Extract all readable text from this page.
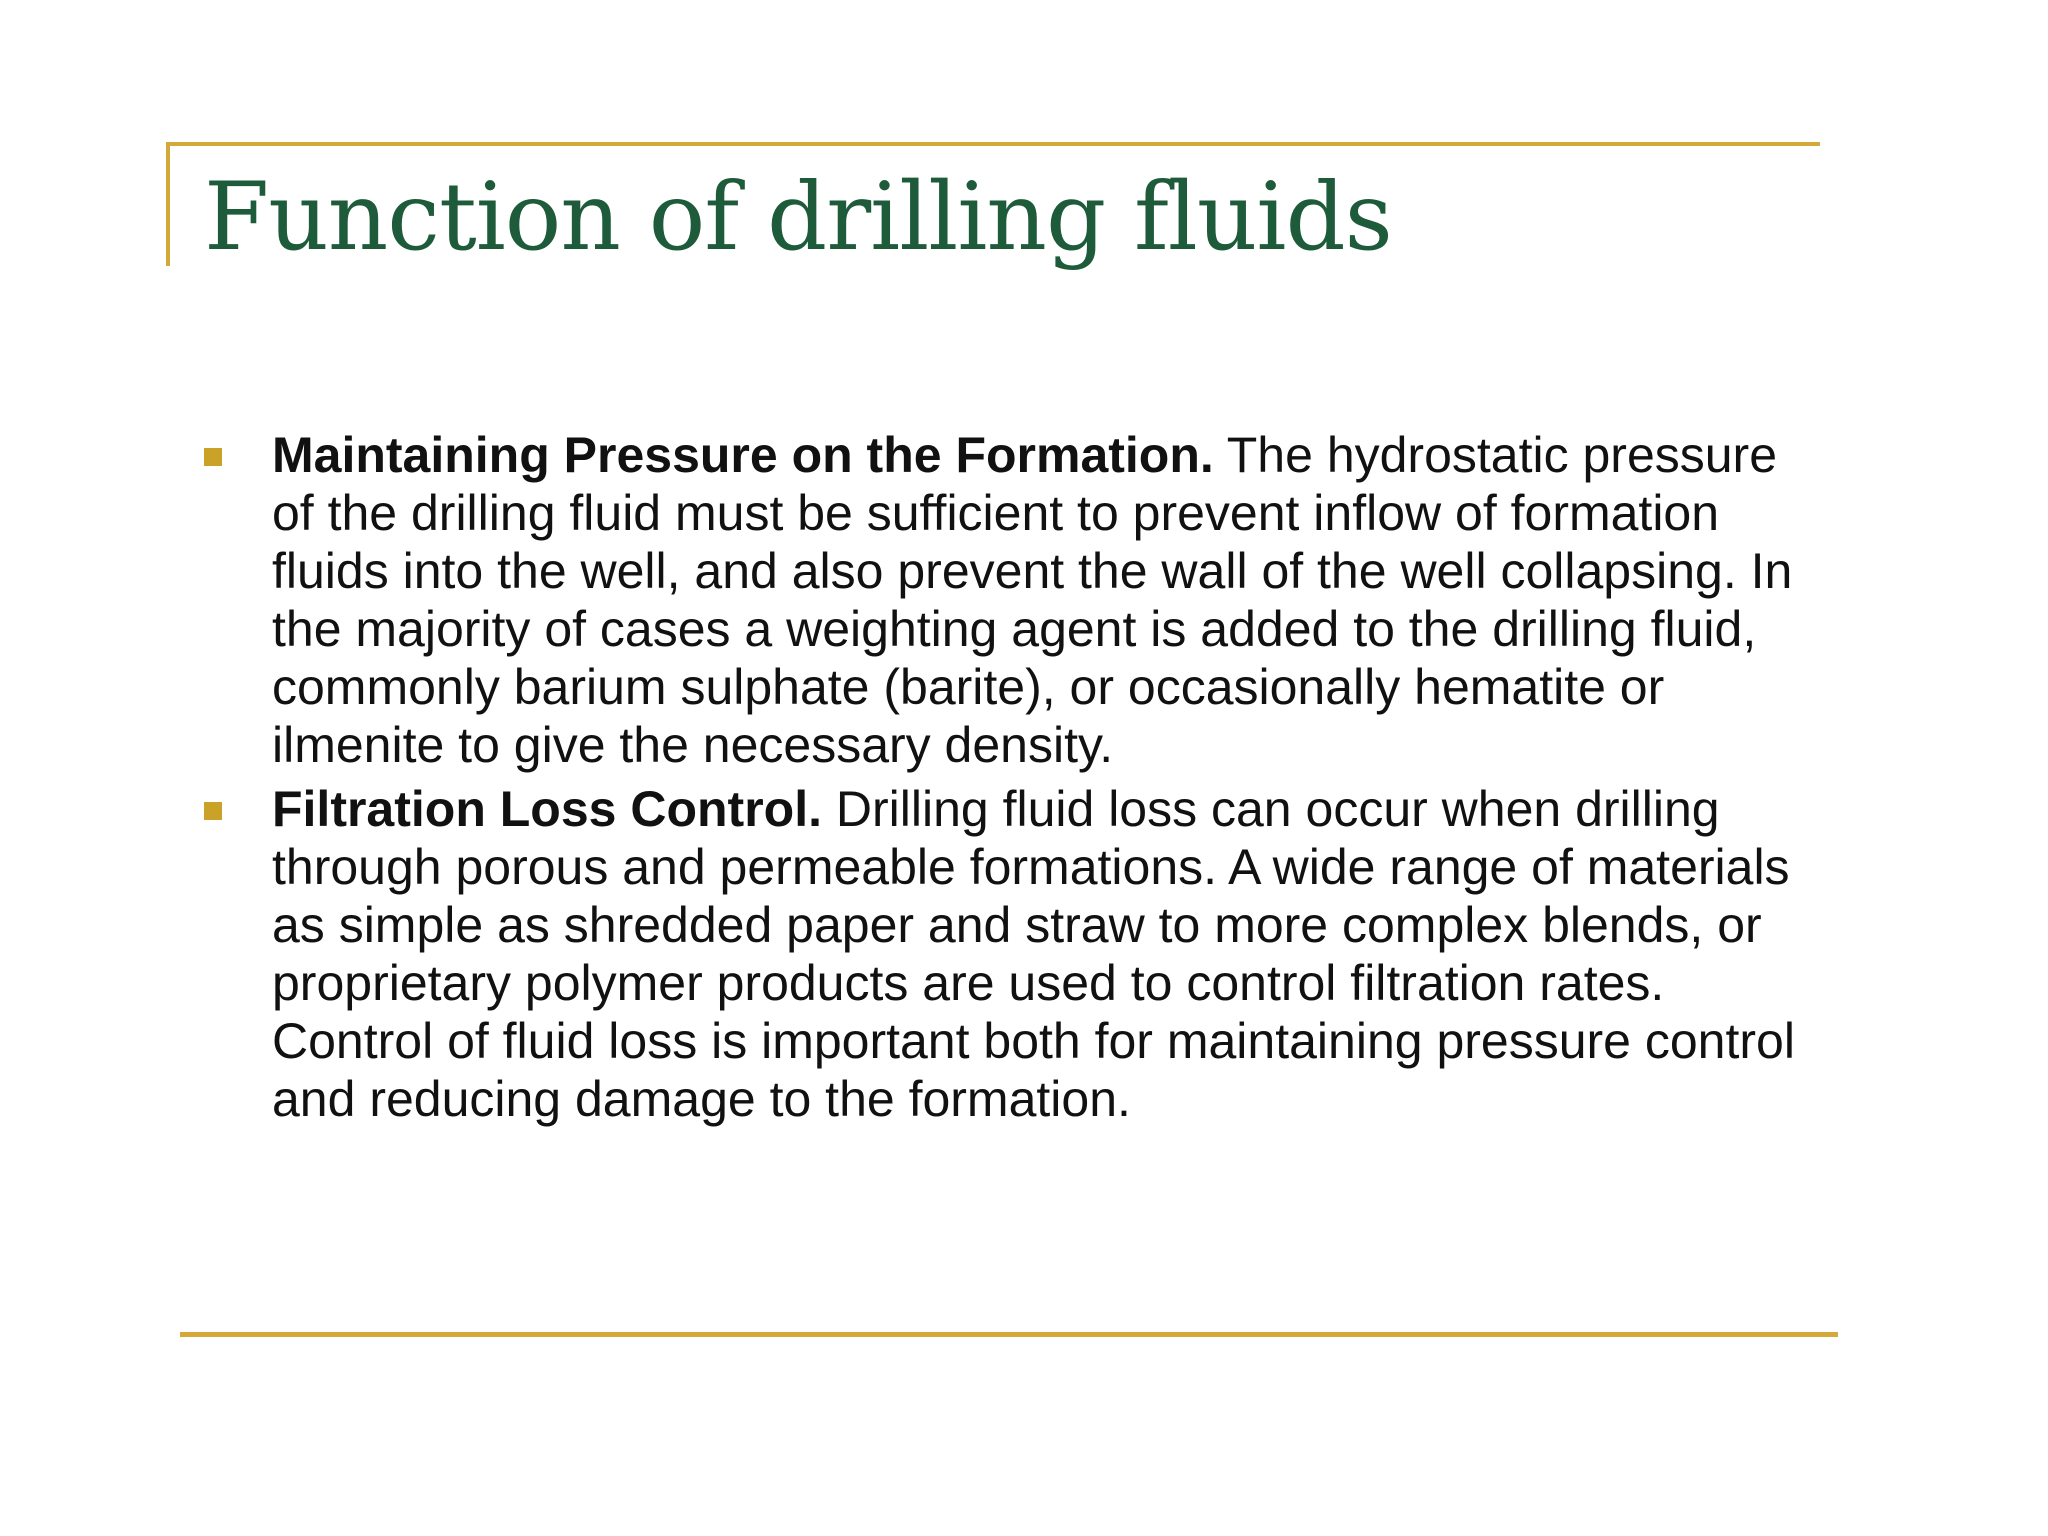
Function of drilling fluids
Maintaining Pressure on the Formation. The hydrostatic pressure of the drilling fluid must be sufficient to prevent inflow of formation fluids into the well, and also prevent the wall of the well collapsing. In the majority of cases a weighting agent is added to the drilling fluid, commonly barium sulphate (barite), or occasionally hematite or ilmenite to give the necessary density.
Filtration Loss Control. Drilling fluid loss can occur when drilling through porous and permeable formations. A wide range of materials as simple as shredded paper and straw to more complex blends, or proprietary polymer products are used to control filtration rates. Control of fluid loss is important both for maintaining pressure control and reducing damage to the formation.
